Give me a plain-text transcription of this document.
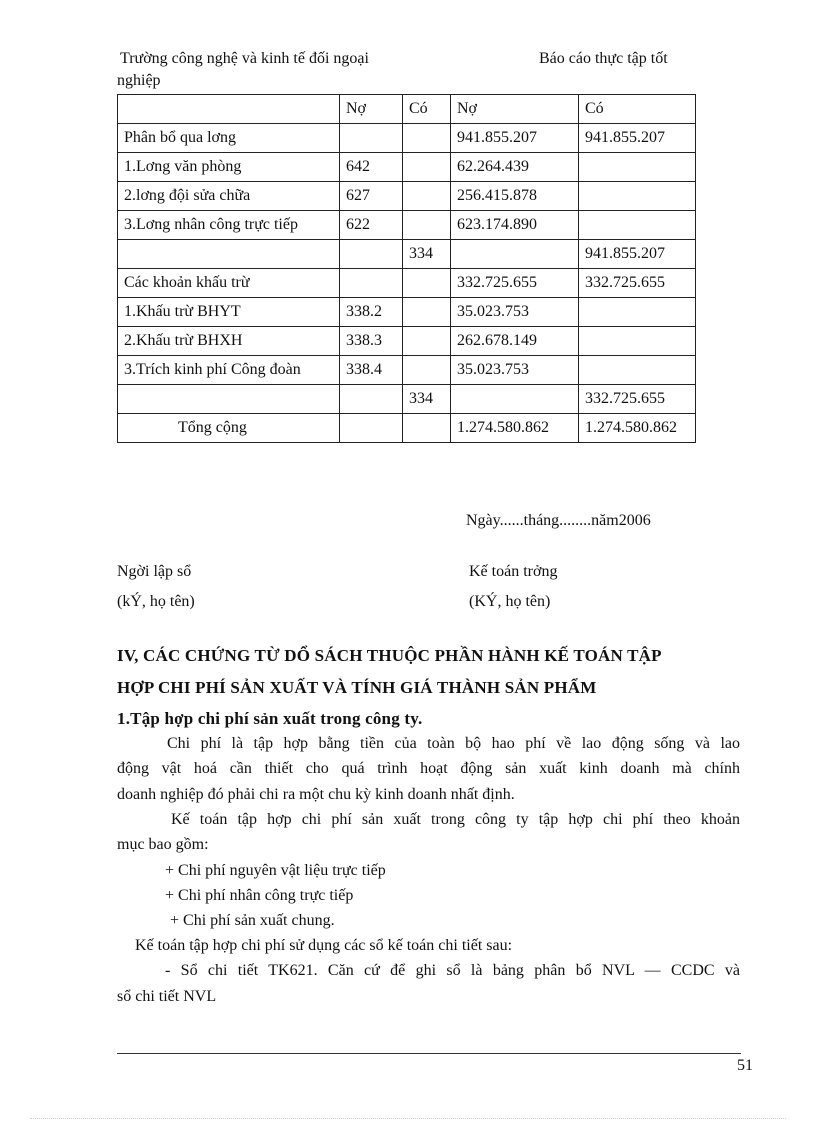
Trường công nghệ và kinh tế đối ngoại	Báo cáo thực tập tốt
nghiệp
	Nợ	Có	Nợ	Có
Phân bổ qua lơng			941.855.207	941.855.207
1.Lơng văn phòng	642		62.264.439	
2.lơng đội sửa chữa	627		256.415.878	
3.Lơng nhân công trực tiếp	622		623.174.890	
		334		941.855.207
Các khoản khấu trừ			332.725.655	332.725.655
1.Khấu trừ BHYT	338.2		35.023.753	
2.Khấu trừ BHXH	338.3		262.678.149	
3.Trích kinh phí Công đoàn	338.4		35.023.753	
		334		332.725.655
Tổng cộng			1.274.580.862	1.274.580.862
Ngày......tháng........năm2006
Ngời lập sổ
(kÝ, họ tên)
Kế toán trởng
(KÝ, họ tên)
IV, CÁC CHỨNG TỪ DỔ SÁCH THUỘC PHẦN HÀNH KẾ TOÁN TẬP
HỢP CHI PHÍ SẢN XUẤT VÀ TÍNH GIÁ THÀNH SẢN PHẨM
1.Tập hợp chi phí sản xuất trong công ty.
Chi phí là tập hợp bằng tiền của toàn bộ hao phí về lao động sống và lao
động vật hoá cần thiết cho quá trình hoạt động sản xuất kinh doanh mà chính
doanh nghiệp đó phải chi ra một chu kỳ kinh doanh nhất định.
Kế toán tập hợp chi phí sản xuất trong công ty tập hợp chi phí theo khoản
mục bao gồm:
+ Chi phí nguyên vật liệu trực tiếp
+ Chi phí nhân công trực tiếp
+ Chi phí sản xuất chung.
Kế toán tập hợp chi phí sử dụng các sổ kế toán chi tiết sau:
- Sổ chi tiết TK621. Căn cứ để ghi sổ là bảng phân bổ NVL — CCDC và
sổ chi tiết NVL
51
